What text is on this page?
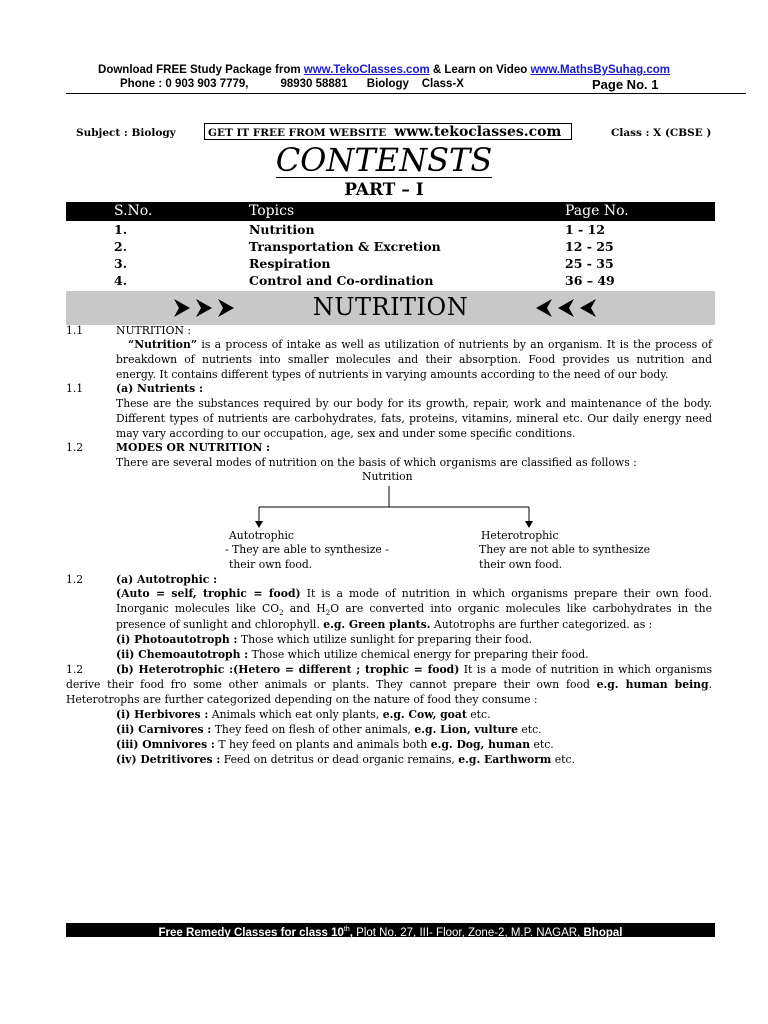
Download FREE Study Package from www.TekoClasses.com & Learn on Video www.MathsBySuhag.com
Phone : 0 903 903 7779,          98930 58881      Biology    Class-X	Page No. 1
Subject : Biology	GET IT FREE FROM WEBSITE www.tekoclasses.com	Class : X (CBSE )
CONTENSTS
PART – I
S.No.	Topics	Page No.
1.	Nutrition	1 - 12
2.	Transportation & Excretion	12 - 25
3.	Respiration	25 - 35
4.	Control and Co-ordination	36 – 49
NUTRITION
1.1	NUTRITION :
“Nutrition” is a process of intake as well as utilization of nutrients by an organism. It is the process of
breakdown of nutrients into smaller molecules and their absorption. Food provides us nutrition and
energy. It contains different types of nutrients in varying amounts according to the need of our body.
1.1	(a) Nutrients :
These are the substances required by our body for its growth, repair, work and maintenance of the body.
Different types of nutrients are carbohydrates, fats, proteins, vitamins, mineral etc. Our daily energy need
may vary according to our occupation, age, sex and under some specific conditions.
1.2	MODES OR NUTRITION :
There are several modes of nutrition on the basis of which organisms are classified as follows :
Nutrition
Autotrophic
- They are able to synthesize -
their own food.
Heterotrophic
They are not able to synthesize
their own food.
1.2	(a) Autotrophic :
(Auto = self, trophic = food) It is a mode of nutrition in which organisms prepare their own food.
Inorganic molecules like $CO_2$ and $H_2O$ are converted into organic molecules like carbohydrates in the
presence of sunlight and chlorophyll. e.g. Green plants. Autotrophs are further categorized. as :
(i) Photoautotroph : Those which utilize sunlight for preparing their food.
(ii) Chemoautotroph : Those which utilize chemical energy for preparing their food.
1.2	(b) Heterotrophic :(Hetero = different ; trophic = food) It is a mode of nutrition in which organisms
derive their food fro some other animals or plants. They cannot prepare their own food e.g. human being.
Heterotrophs are further categorized depending on the nature of food they consume :
(i) Herbivores : Animals which eat only plants, e.g. Cow, goat etc.
(ii) Carnivores : They feed on flesh of other animals, e.g. Lion, vulture etc.
(iii) Omnivores : T hey feed on plants and animals both e.g. Dog, human etc.
(iv) Detritivores : Feed on detritus or dead organic remains, e.g. Earthworm etc.
Free Remedy Classes for class 10th, Plot No. 27, III- Floor, Zone-2, M.P. NAGAR, Bhopal
